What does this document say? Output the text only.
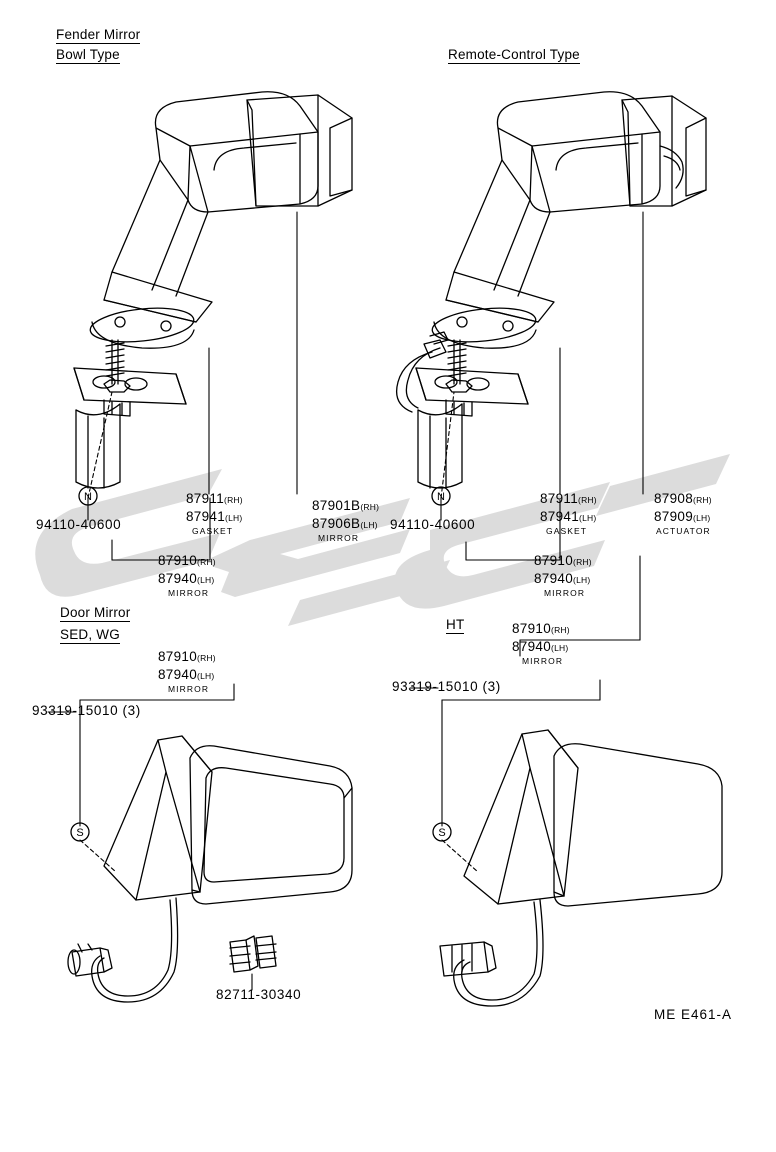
N	N
S	S
Fender Mirror
Bowl Type	Remote-Control Type
Door Mirror
SED, WG
HT
94110-40600
87911(RH)
87941(LH)
GASKET
87901B(RH)
87906B(LH)
MIRROR
87910(RH)
87940(LH)
MIRROR
94110-40600
87911(RH)
87941(LH)
GASKET
87908(RH)
87909(LH)
ACTUATOR
87910(RH)
87940(LH)
MIRROR
87910(RH)
87940(LH)
MIRROR
87910(RH)
87940(LH)
MIRROR
93319-15010 (3)
93319-15010 (3)
82711-30340
ME E461-A
